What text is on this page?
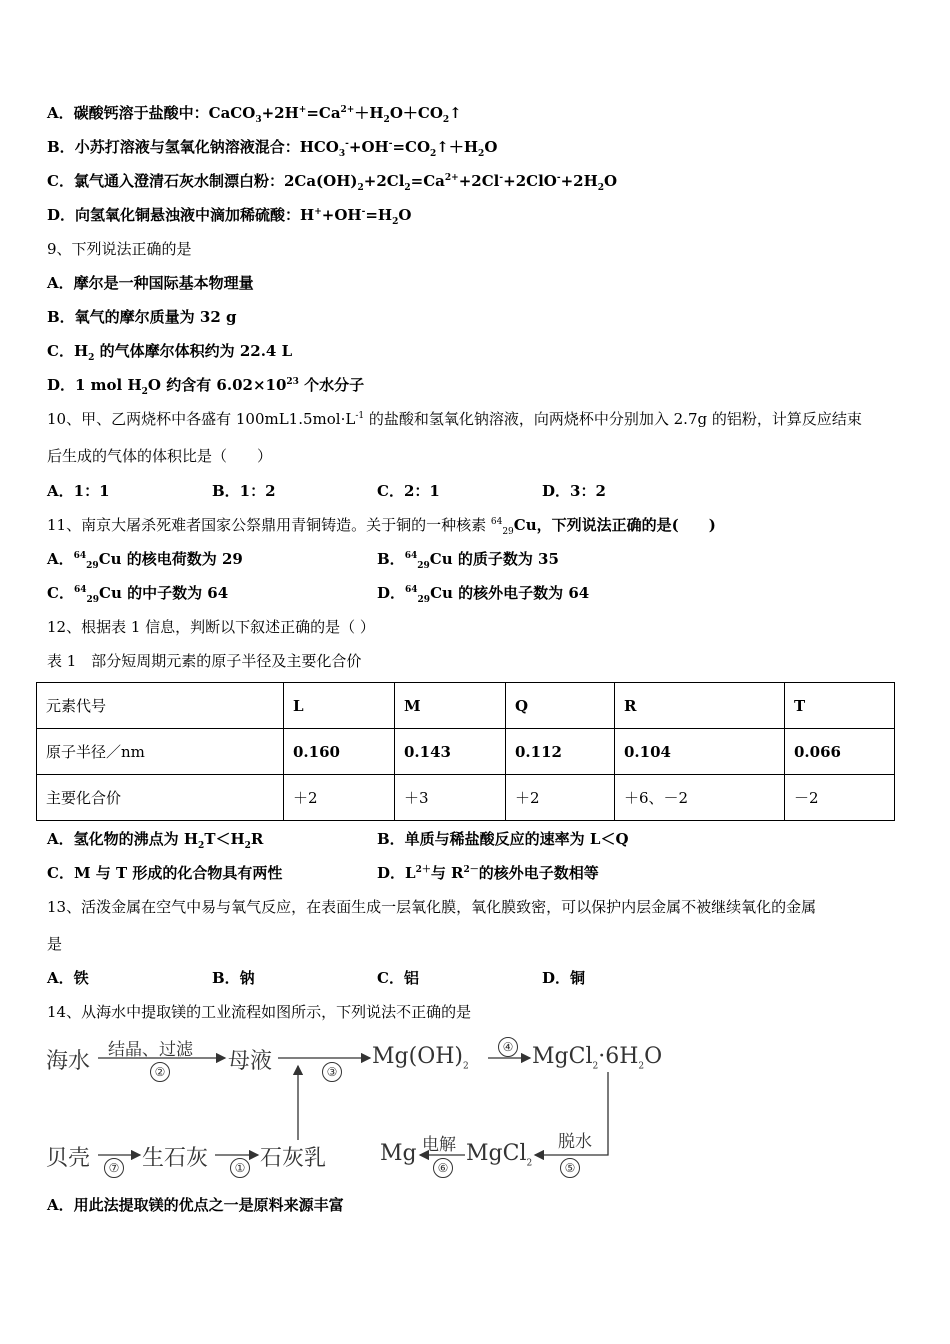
A．碳酸钙溶于盐酸中：$CaCO_3+2H^+=Ca^{2+}+H_2O+CO_2↑$
B．小苏打溶液与氢氧化钠溶液混合：$HCO_3^-+OH^-=CO_2↑+H_2O$
C．氯气通入澄清石灰水制漂白粉：$2Ca(OH)_2+2Cl_2=Ca^{2+}+2Cl^-+2ClO^-+2H_2O$
D．向氢氧化铜悬浊液中滴加稀硫酸：$H^++OH^-=H_2O$
9、下列说法正确的是
A．摩尔是一种国际基本物理量
B．氧气的摩尔质量为 32 g
C．$H_2$ 的气体摩尔体积约为 22.4 L
D．1 mol $H_2O$ 约含有 $6.02\times 10^{23}$ 个水分子
10、甲、乙两烧杯中各盛有 $100mL1.5mol\cdot L^{-1}$ 的盐酸和氢氧化钠溶液，向两烧杯中分别加入 2.7g 的铝粉，计算反应结束
后生成的气体的体积比是（　　）
A．1：1	B．1：2	C．2：1	D．3：2
11、南京大屠杀死难者国家公祭鼎用青铜铸造。关于铜的一种核素 $^{64}_{29}$Cu，下列说法正确的是(　　)
A．$^{64}_{29}$Cu 的核电荷数为 29	B．$^{64}_{29}$Cu 的质子数为 35
C．$^{64}_{29}$Cu 的中子数为 64	D．$^{64}_{29}$Cu 的核外电子数为 64
12、根据表 1 信息，判断以下叙述正确的是（ ）
表 1　部分短周期元素的原子半径及主要化合价
元素代号	L	M	Q	R	T
原子半径／nm	0.160	0.143	0.112	0.104	0.066
主要化合价	＋2	＋3	＋2	＋6、－2	－2
A．氢化物的沸点为 $H_2T<H_2R$	B．单质与稀盐酸反应的速率为 L＜Q
C．M 与 T 形成的化合物具有两性	D．$L^{2+}$与 $R^{2-}$的核外电子数相等
13、活泼金属在空气中易与氧气反应，在表面生成一层氧化膜，氧化膜致密，可以保护内层金属不被继续氧化的金属
是
A．铁	B．钠	C．铝	D．铜
14、从海水中提取镁的工业流程如图所示，下列说法不正确的是
海水 结晶、过滤
②	母液	③
$Mg(OH)_2$
④ $MgCl_2\cdot 6H_2O$
贝壳	⑦ 生石灰	① 石灰乳 Mg 电解
⑥
MgCl$_2$
脱水
⑤
A．用此法提取镁的优点之一是原料来源丰富
